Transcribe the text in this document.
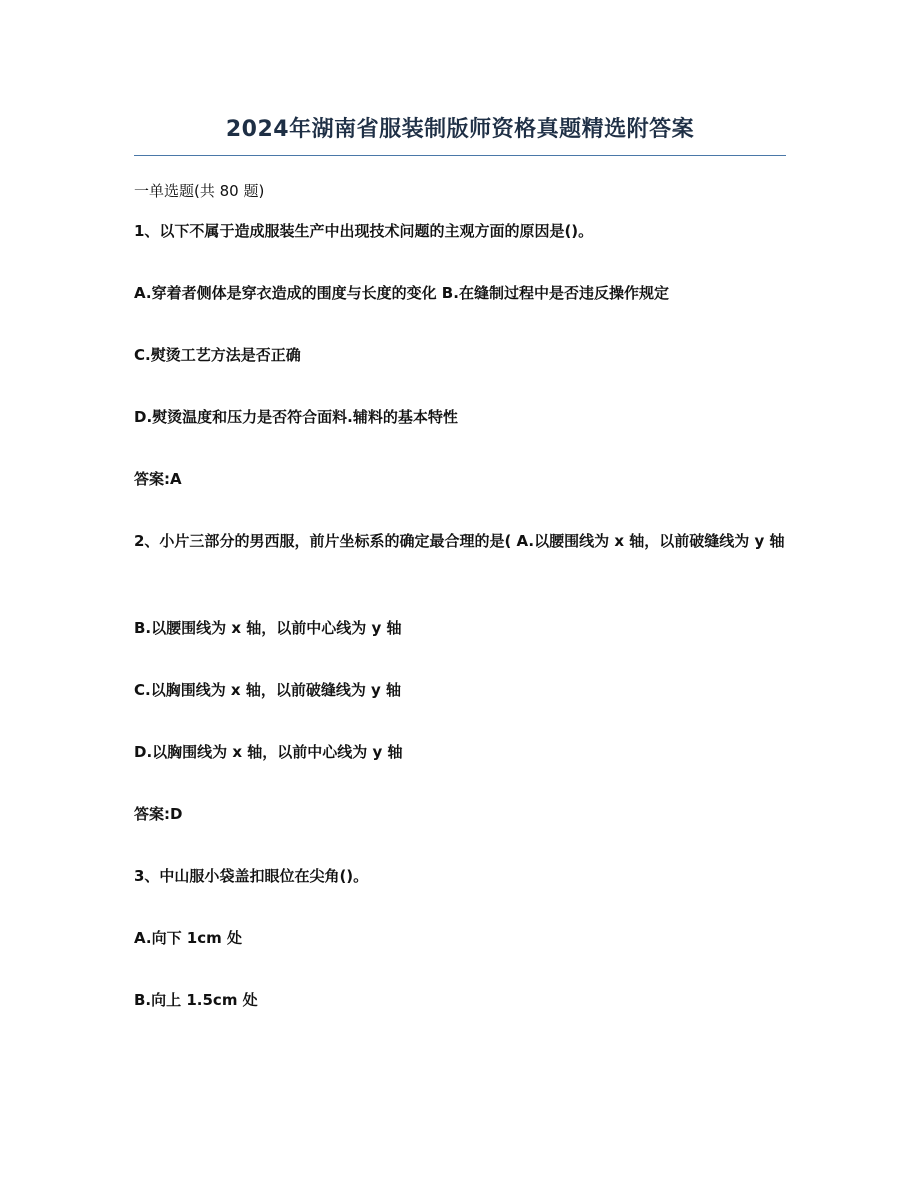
2024年湖南省服装制版师资格真题精选附答案

一单选题(共 80 题)

1、以下不属于造成服装生产中出现技术问题的主观方面的原因是()。

A.穿着者侧体是穿衣造成的围度与长度的变化 B.在缝制过程中是否违反操作规定

C.熨烫工艺方法是否正确

D.熨烫温度和压力是否符合面料.辅料的基本特性

答案:A

2、小片三部分的男西服，前片坐标系的确定最合理的是( A.以腰围线为 x 轴，以前破缝线为 y 轴

B.以腰围线为 x 轴，以前中心线为 y 轴

C.以胸围线为 x 轴，以前破缝线为 y 轴

D.以胸围线为 x 轴，以前中心线为 y 轴

答案:D

3、中山服小袋盖扣眼位在尖角()。

A.向下 1cm 处

B.向上 1.5cm 处
